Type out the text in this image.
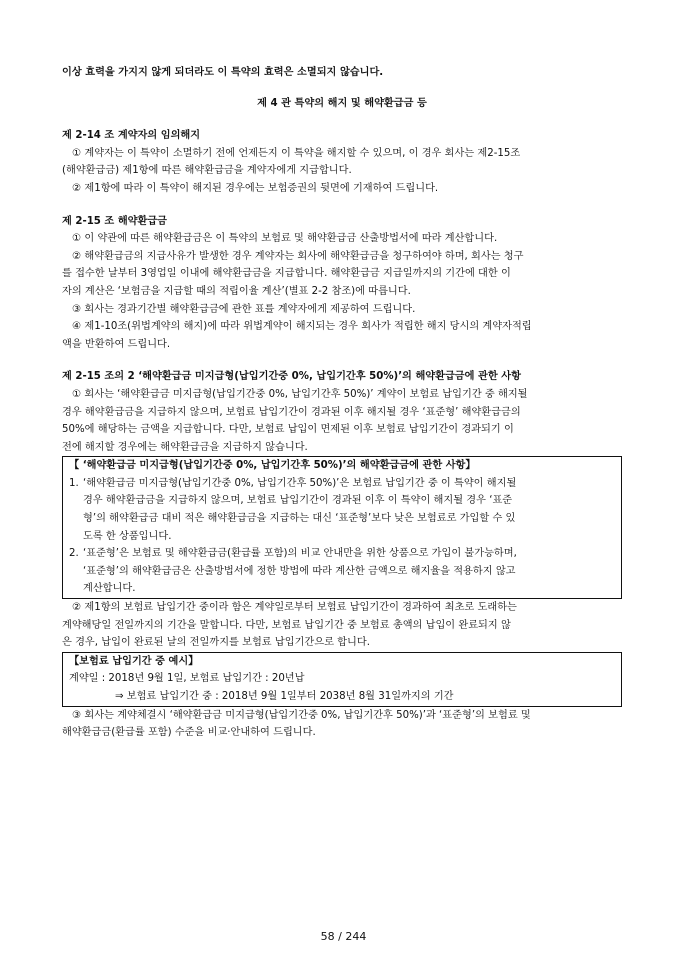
이상 효력을 가지지 않게 되더라도 이 특약의 효력은 소멸되지 않습니다.

제 4 관 특약의 해지 및 해약환급금 등

제 2-14 조 계약자의 임의해지

① 계약자는 이 특약이 소멸하기 전에 언제든지 이 특약을 해지할 수 있으며, 이 경우 회사는 제2-15조

(해약환급금) 제1항에 따른 해약환급금을 계약자에게 지급합니다.

② 제1항에 따라 이 특약이 해지된 경우에는 보험증권의 뒷면에 기재하여 드립니다.

제 2-15 조 해약환급금

① 이 약관에 따른 해약환급금은 이 특약의 보험료 및 해약환급금 산출방법서에 따라 계산합니다.

② 해약환급금의 지급사유가 발생한 경우 계약자는 회사에 해약환급금을 청구하여야 하며, 회사는 청구

를 접수한 날부터 3영업일 이내에 해약환급금을 지급합니다. 해약환급금 지급일까지의 기간에 대한 이

자의 계산은 ‘보험금을 지급할 때의 적립이율 계산’(별표 2-2 참조)에 따릅니다.

③ 회사는 경과기간별 해약환급금에 관한 표를 계약자에게 제공하여 드립니다.

④ 제1-10조(위법계약의 해지)에 따라 위법계약이 해지되는 경우 회사가 적립한 해지 당시의 계약자적립

액을 반환하여 드립니다.

제 2-15 조의 2 ‘해약환급금 미지급형(납입기간중 0%, 납입기간후 50%)’의 해약환급금에 관한 사항

① 회사는 ‘해약환급금 미지급형(납입기간중 0%, 납입기간후 50%)’ 계약이 보험료 납입기간 중 해지될

경우 해약환급금을 지급하지 않으며, 보험료 납입기간이 경과된 이후 해지될 경우 ‘표준형’ 해약환급금의

50%에 해당하는 금액을 지급합니다. 다만, 보험료 납입이 면제된 이후 보험료 납입기간이 경과되기 이

전에 해지할 경우에는 해약환급금을 지급하지 않습니다.

【 ‘해약환급금 미지급형(납입기간중 0%, 납입기간후 50%)’의 해약환급금에 관한 사항】

1. ‘해약환급금 미지급형(납입기간중 0%, 납입기간후 50%)’은 보험료 납입기간 중 이 특약이 해지될
경우 해약환급금을 지급하지 않으며, 보험료 납입기간이 경과된 이후 이 특약이 해지될 경우 ‘표준
형’의 해약환급금 대비 적은 해약환급금을 지급하는 대신 ‘표준형’보다 낮은 보험료로 가입할 수 있
도록 한 상품입니다.
2. ‘표준형’은 보험료 및 해약환급금(환급률 포함)의 비교 안내만을 위한 상품으로 가입이 불가능하며,
‘표준형’의 해약환급금은 산출방법서에 정한 방법에 따라 계산한 금액으로 해지율을 적용하지 않고
계산합니다.

② 제1항의 보험료 납입기간 중이라 함은 계약일로부터 보험료 납입기간이 경과하여 최초로 도래하는

계약해당일 전일까지의 기간을 말합니다. 다만, 보험료 납입기간 중 보험료 총액의 납입이 완료되지 않

은 경우, 납입이 완료된 날의 전일까지를 보험료 납입기간으로 합니다.

【보험료 납입기간 중 예시】

계약일 : 2018년 9월 1일, 보험료 납입기간 : 20년납

⇒ 보험료 납입기간 중 : 2018년 9월 1일부터 2038년 8월 31일까지의 기간

③ 회사는 계약체결시 ‘해약환급금 미지급형(납입기간중 0%, 납입기간후 50%)’과 ‘표준형’의 보험료 및

해약환급금(환급률 포함) 수준을 비교·안내하여 드립니다.

58 / 244
